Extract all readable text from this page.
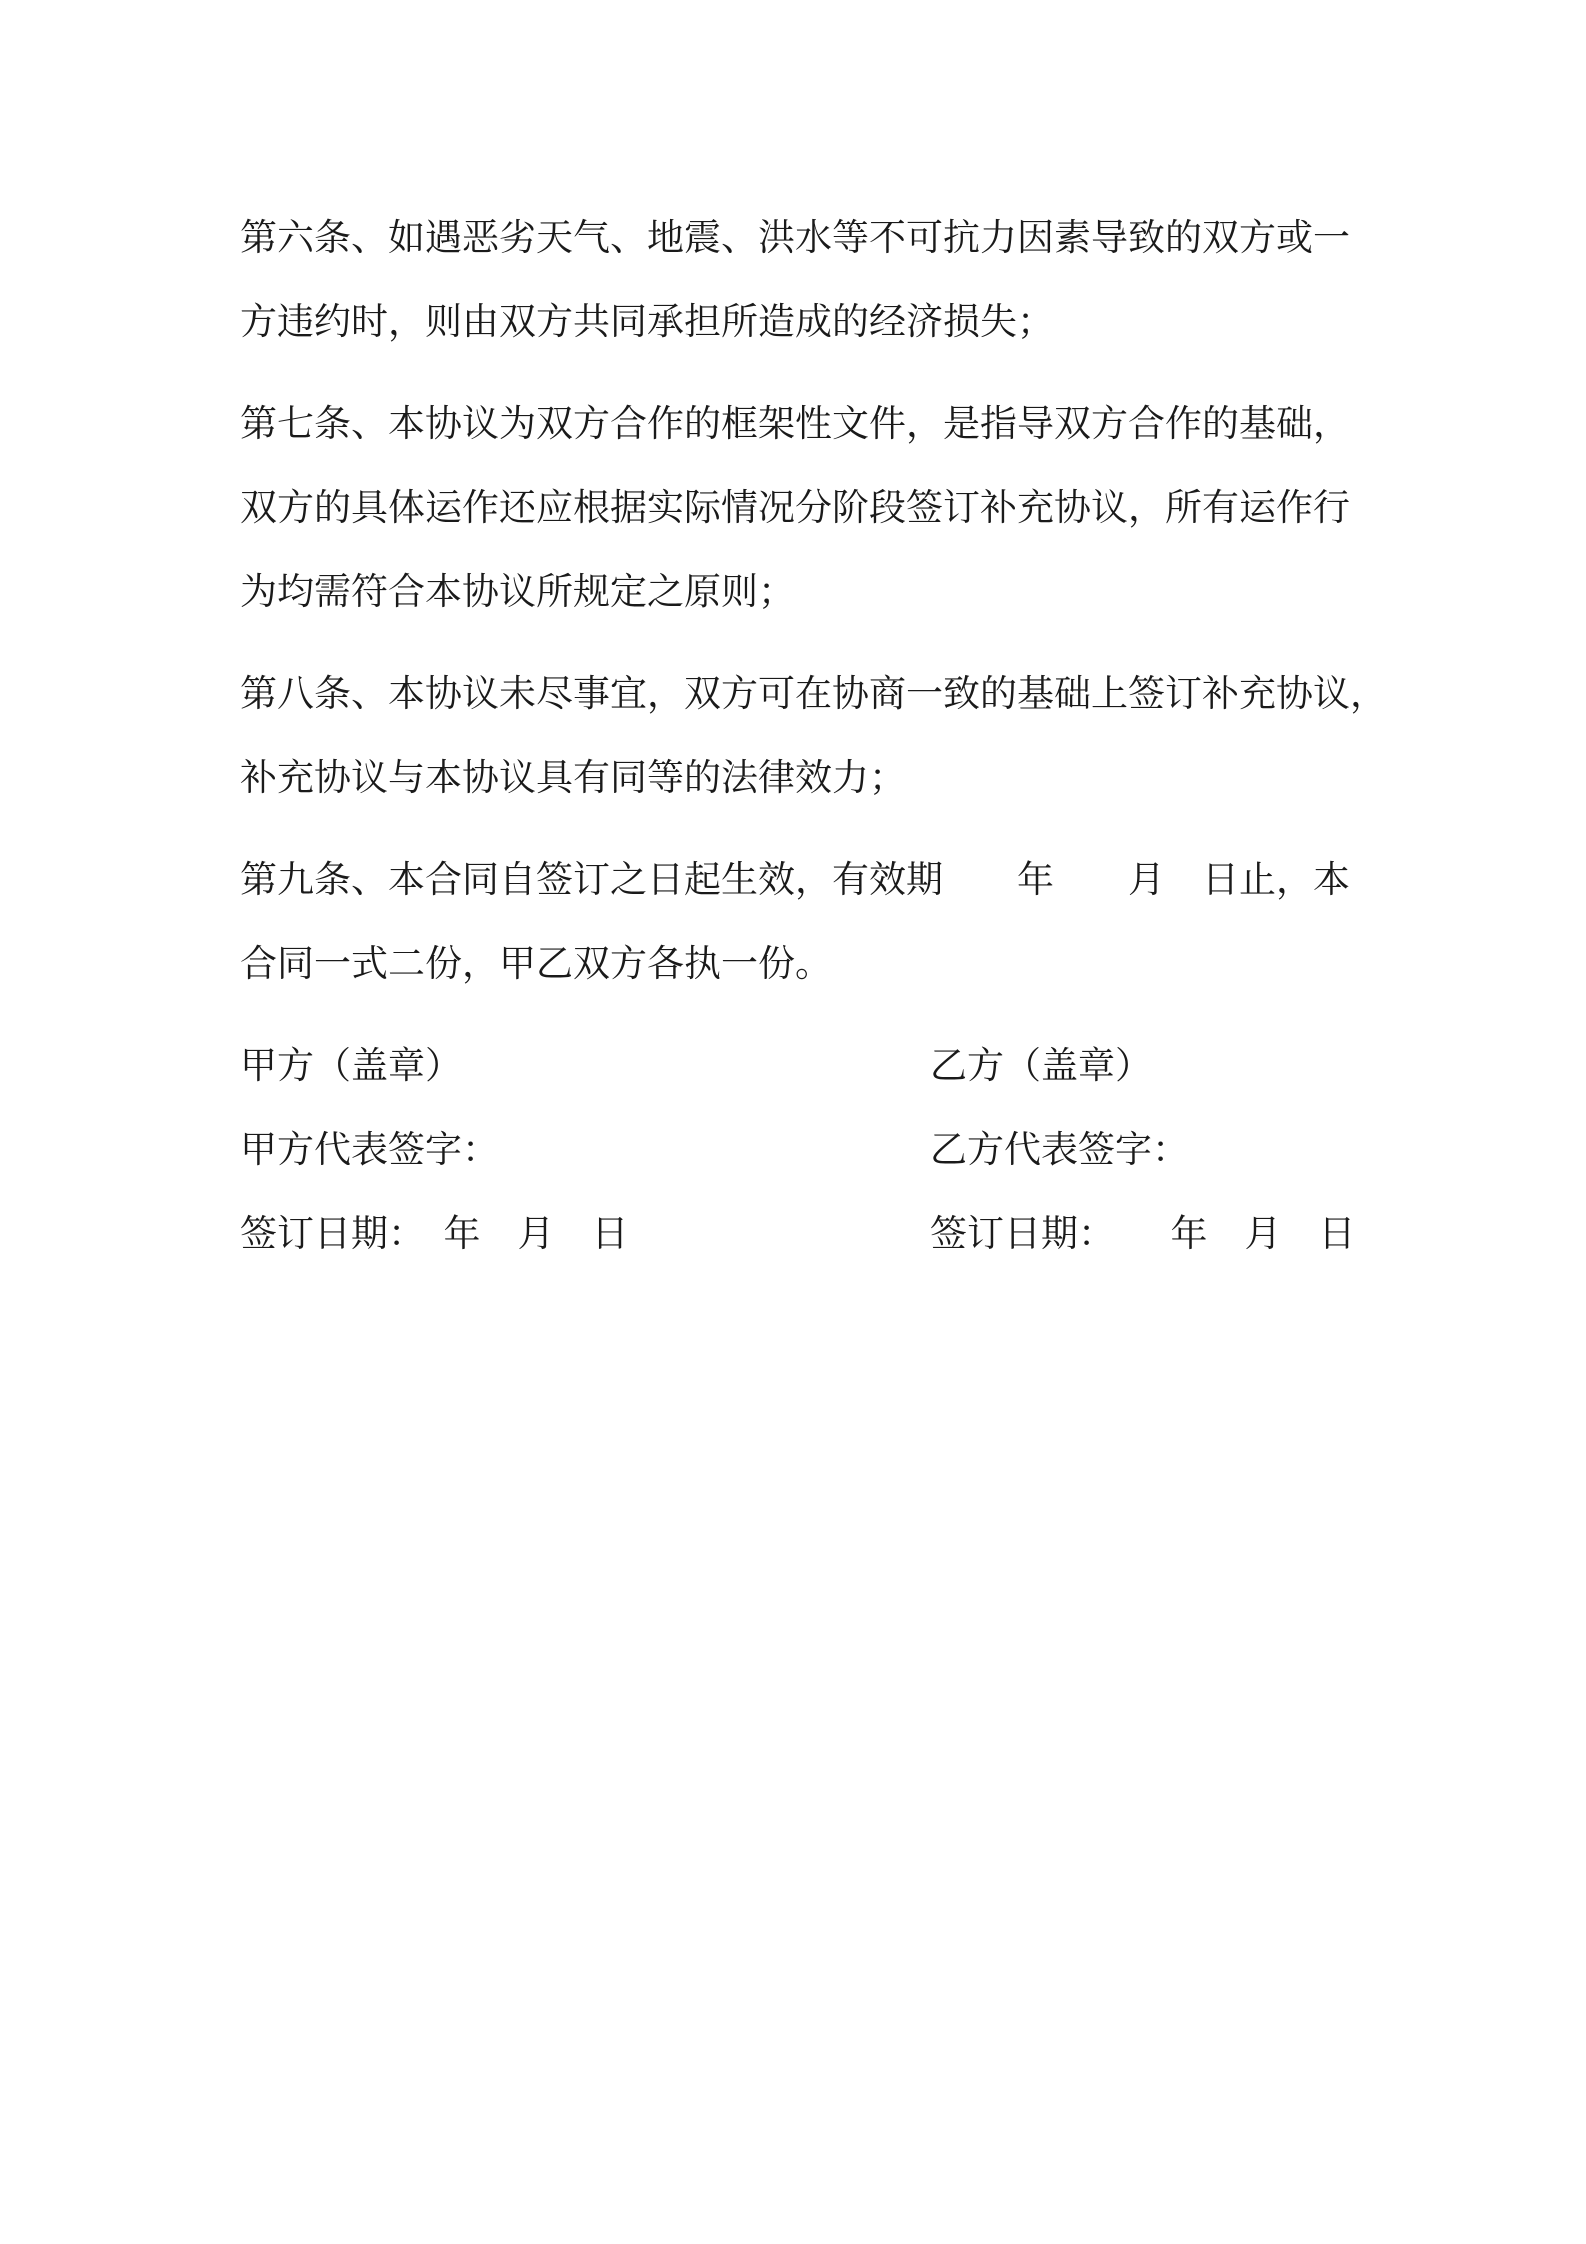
第六条、如遇恶劣天气、地震、洪水等不可抗力因素导致的双方或一
方违约时，则由双方共同承担所造成的经济损失；
第七条、本协议为双方合作的框架性文件，是指导双方合作的基础，
双方的具体运作还应根据实际情况分阶段签订补充协议，所有运作行
为均需符合本协议所规定之原则；
第八条、本协议未尽事宜，双方可在协商一致的基础上签订补充协议，
补充协议与本协议具有同等的法律效力；
第九条、本合同自签订之日起生效，有效期　　年　　月　日止，本
合同一式二份，甲乙双方各执一份。
甲方（盖章）
甲方代表签字：
签订日期：　年　月　日
乙方（盖章）
乙方代表签字：
签订日期：　　年　月　日
